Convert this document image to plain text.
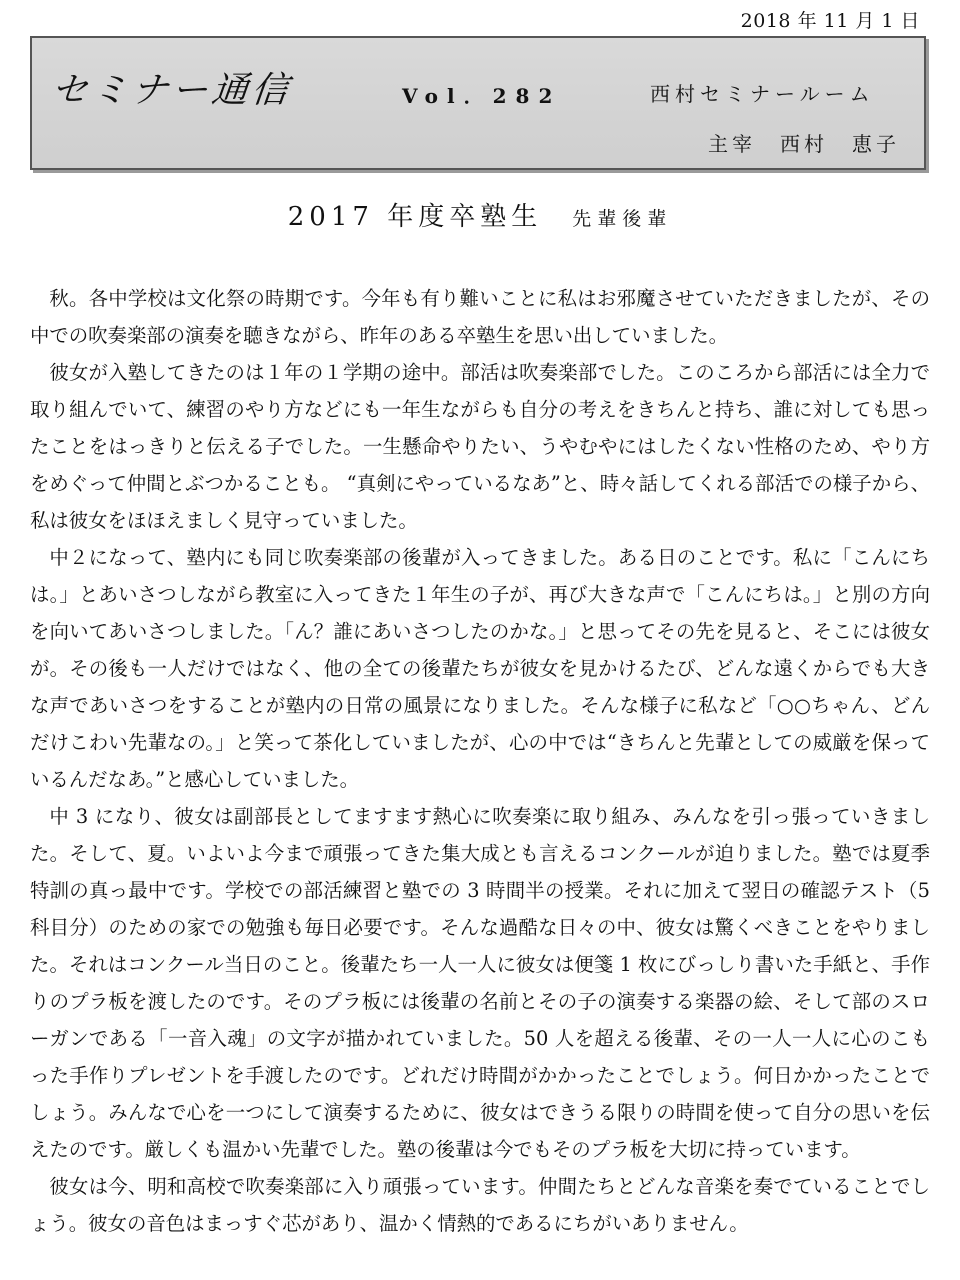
2018 年 11 月 1 日
セミナー通信	Vol．282	西村セミナールーム
主宰　西村　恵子
2017 年度卒塾生 先輩後輩

秋。各中学校は文化祭の時期です。今年も有り難いことに私はお邪魔させていただきましたが、その中での吹奏楽部の演奏を聴きながら、昨年のある卒塾生を思い出していました。

彼女が入塾してきたのは１年の１学期の途中。部活は吹奏楽部でした。このころから部活には全力で取り組んでいて、練習のやり方などにも一年生ながらも自分の考えをきちんと持ち、誰に対しても思ったことをはっきりと伝える子でした。一生懸命やりたい、うやむやにはしたくない性格のため、やり方をめぐって仲間とぶつかることも。 “真剣にやっているなあ”と、時々話してくれる部活での様子から、私は彼女をほほえましく見守っていました。

中２になって、塾内にも同じ吹奏楽部の後輩が入ってきました。ある日のことです。私に「こんにちは。」とあいさつしながら教室に入ってきた１年生の子が、再び大きな声で「こんにちは。」と別の方向を向いてあいさつしました。「ん？誰にあいさつしたのかな。」と思ってその先を見ると、そこには彼女が。その後も一人だけではなく、他の全ての後輩たちが彼女を見かけるたび、どんな遠くからでも大きな声であいさつをすることが塾内の日常の風景になりました。そんな様子に私など「○○ちゃん、どんだけこわい先輩なの。」と笑って茶化していましたが、心の中では“きちんと先輩としての威厳を保っているんだなあ。”と感心していました。

中 3 になり、彼女は副部長としてますます熱心に吹奏楽に取り組み、みんなを引っ張っていきました。そして、夏。いよいよ今まで頑張ってきた集大成とも言えるコンクールが迫りました。塾では夏季特訓の真っ最中です。学校での部活練習と塾での 3 時間半の授業。それに加えて翌日の確認テスト（5 科目分）のための家での勉強も毎日必要です。そんな過酷な日々の中、彼女は驚くべきことをやりました。それはコンクール当日のこと。後輩たち一人一人に彼女は便箋 1 枚にびっしり書いた手紙と、手作りのプラ板を渡したのです。そのプラ板には後輩の名前とその子の演奏する楽器の絵、そして部のスローガンである「一音入魂」の文字が描かれていました。50 人を超える後輩、その一人一人に心のこもった手作りプレゼントを手渡したのです。どれだけ時間がかかったことでしょう。何日かかったことでしょう。みんなで心を一つにして演奏するために、彼女はできうる限りの時間を使って自分の思いを伝えたのです。厳しくも温かい先輩でした。塾の後輩は今でもそのプラ板を大切に持っています。

彼女は今、明和高校で吹奏楽部に入り頑張っています。仲間たちとどんな音楽を奏でていることでしょう。彼女の音色はまっすぐ芯があり、温かく情熱的であるにちがいありません。
